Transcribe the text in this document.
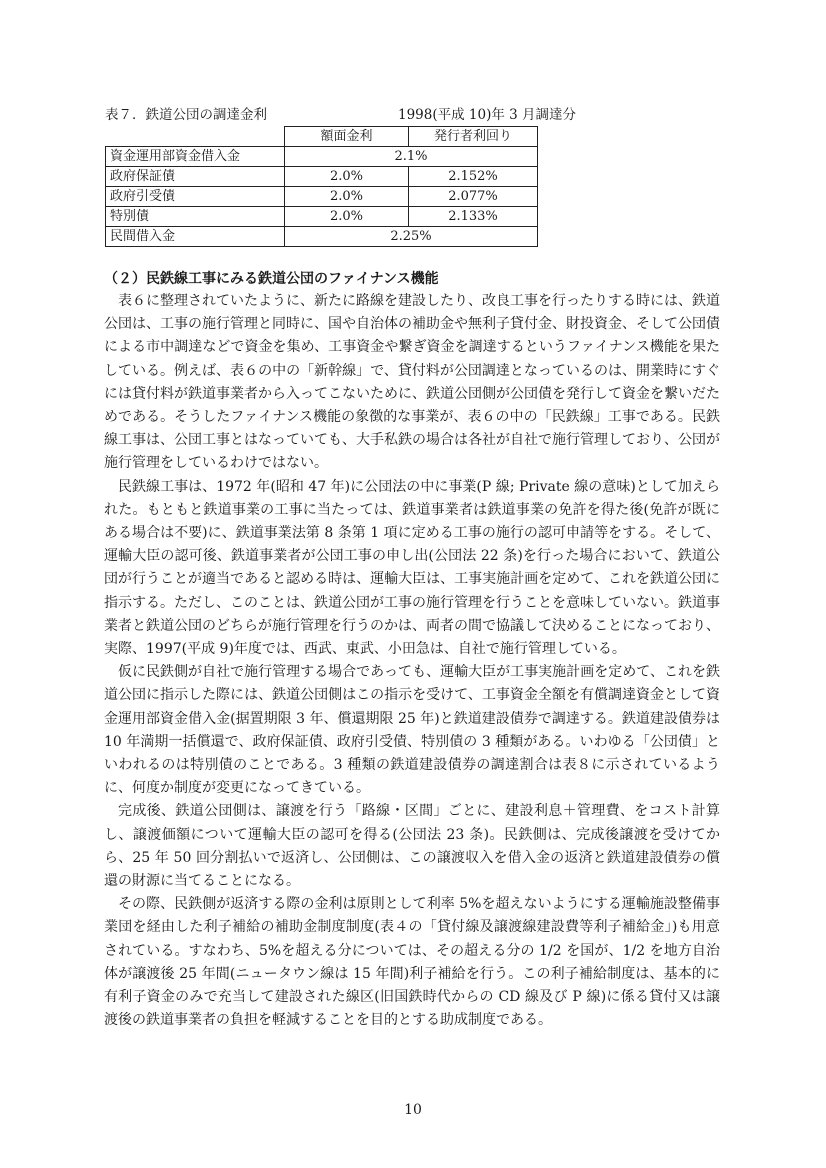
表７．鉄道公団の調達金利	1998(平成 10)年 3 月調達分
	額面金利	発行者利回り
資金運用部資金借入金	2.1%	
政府保証債	2.0%	2.152%
政府引受債	2.0%	2.077%
特別債	2.0%	2.133%
民間借入金	2.25%	
（２）民鉄線工事にみる鉄道公団のファイナンス機能

表６に整理されていたように、新たに路線を建設したり、改良工事を行ったりする時には、鉄道公団は、工事の施行管理と同時に、国や自治体の補助金や無利子貸付金、財投資金、そして公団債による市中調達などで資金を集め、工事資金や繋ぎ資金を調達するというファイナンス機能を果たしている。例えば、表６の中の「新幹線」で、貸付料が公団調達となっているのは、開業時にすぐには貸付料が鉄道事業者から入ってこないために、鉄道公団側が公団債を発行して資金を繋いだためである。そうしたファイナンス機能の象徴的な事業が、表６の中の「民鉄線」工事である。民鉄線工事は、公団工事とはなっていても、大手私鉄の場合は各社が自社で施行管理しており、公団が施行管理をしているわけではない。

民鉄線工事は、1972 年(昭和 47 年)に公団法の中に事業(P 線; Private 線の意味)として加えられた。もともと鉄道事業の工事に当たっては、鉄道事業者は鉄道事業の免許を得た後(免許が既にある場合は不要)に、鉄道事業法第 8 条第 1 項に定める工事の施行の認可申請等をする。そして、運輸大臣の認可後、鉄道事業者が公団工事の申し出(公団法 22 条)を行った場合において、鉄道公団が行うことが適当であると認める時は、運輸大臣は、工事実施計画を定めて、これを鉄道公団に指示する。ただし、このことは、鉄道公団が工事の施行管理を行うことを意味していない。鉄道事業者と鉄道公団のどちらが施行管理を行うのかは、両者の間で協議して決めることになっており、実際、1997(平成 9)年度では、西武、東武、小田急は、自社で施行管理している。

仮に民鉄側が自社で施行管理する場合であっても、運輸大臣が工事実施計画を定めて、これを鉄道公団に指示した際には、鉄道公団側はこの指示を受けて、工事資金全額を有償調達資金として資金運用部資金借入金(据置期限 3 年、償還期限 25 年)と鉄道建設債券で調達する。鉄道建設債券は 10 年満期一括償還で、政府保証債、政府引受債、特別債の 3 種類がある。いわゆる「公団債」といわれるのは特別債のことである。3 種類の鉄道建設債券の調達割合は表８に示されているように、何度か制度が変更になってきている。

完成後、鉄道公団側は、譲渡を行う「路線・区間」ごとに、建設利息＋管理費、をコスト計算し、譲渡価額について運輸大臣の認可を得る(公団法 23 条)。民鉄側は、完成後譲渡を受けてから、25 年 50 回分割払いで返済し、公団側は、この譲渡収入を借入金の返済と鉄道建設債券の償還の財源に当てることになる。

その際、民鉄側が返済する際の金利は原則として利率 5%を超えないようにする運輸施設整備事業団を経由した利子補給の補助金制度制度(表４の「貸付線及譲渡線建設費等利子補給金」)も用意されている。すなわち、5%を超える分については、その超える分の 1/2 を国が、1/2 を地方自治体が譲渡後 25 年間(ニュータウン線は 15 年間)利子補給を行う。この利子補給制度は、基本的に有利子資金のみで充当して建設された線区(旧国鉄時代からの CD 線及び P 線)に係る貸付又は譲渡後の鉄道事業者の負担を軽減することを目的とする助成制度である。

10
